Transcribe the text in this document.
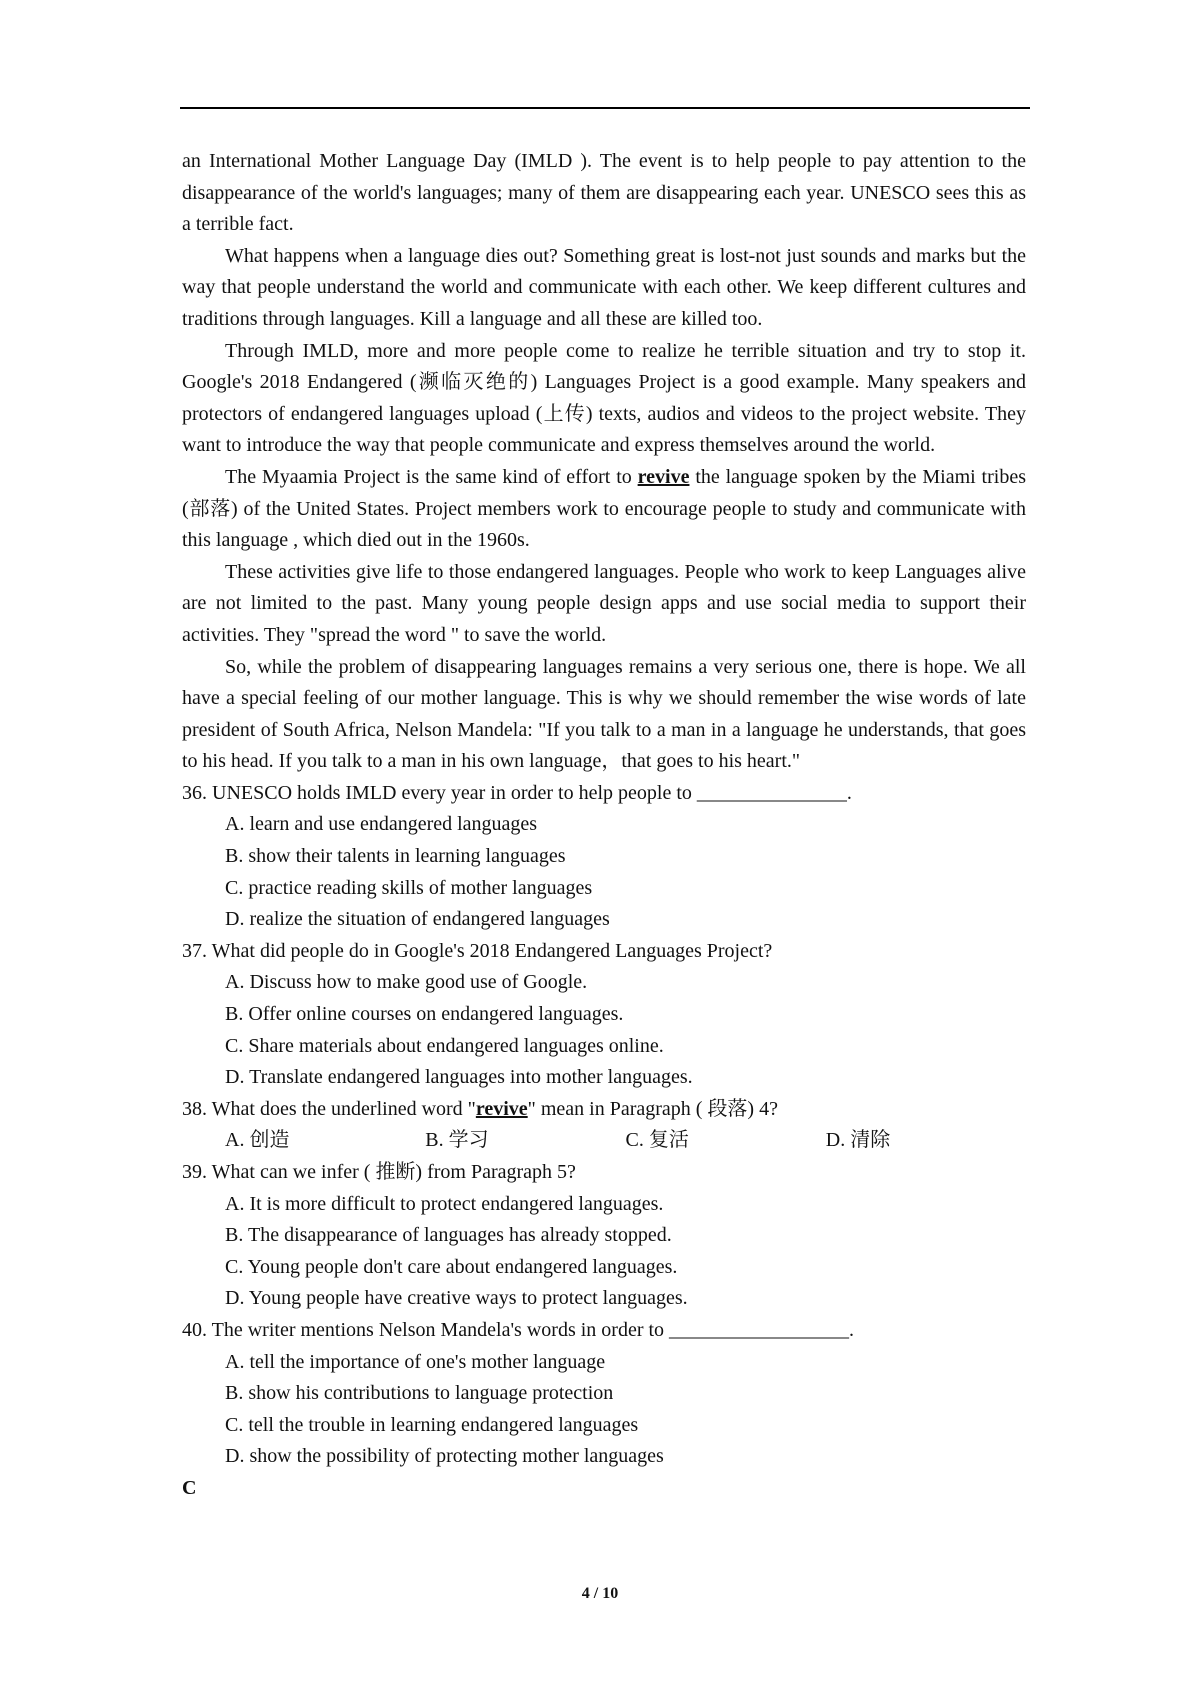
an International Mother Language Day (IMLD ). The event is to help people to pay attention to the disappearance of the world's languages; many of them are disappearing each year. UNESCO sees this as a terrible fact.

What happens when a language dies out? Something great is lost-not just sounds and marks but the way that people understand the world and communicate with each other. We keep different cultures and traditions through languages. Kill a language and all these are killed too.

Through IMLD, more and more people come to realize he terrible situation and try to stop it. Google's 2018 Endangered (濒临灭绝的) Languages Project is a good example. Many speakers and protectors of endangered languages upload (上传) texts, audios and videos to the project website. They want to introduce the way that people communicate and express themselves around the world.

The Myaamia Project is the same kind of effort to revive the language spoken by the Miami tribes (部落) of the United States. Project members work to encourage people to study and communicate with this language , which died out in the 1960s.

These activities give life to those endangered languages. People who work to keep Languages alive are not limited to the past. Many young people design apps and use social media to support their activities. They "spread the word " to save the world.

So, while the problem of disappearing languages remains a very serious one, there is hope. We all have a special feeling of our mother language. This is why we should remember the wise words of late president of South Africa, Nelson Mandela: "If you talk to a man in a language he understands, that goes to his head. If you talk to a man in his own language，that goes to his heart."

36. UNESCO holds IMLD every year in order to help people to _______________.

A. learn and use endangered languages

B. show their talents in learning languages

C. practice reading skills of mother languages

D. realize the situation of endangered languages

37. What did people do in Google's 2018 Endangered Languages Project?

A. Discuss how to make good use of Google.

B. Offer online courses on endangered languages.

C. Share materials about endangered languages online.

D. Translate endangered languages into mother languages.

38. What does the underlined word "revive" mean in Paragraph ( 段落) 4?

A. 创造	B. 学习	C. 复活	D. 清除

39. What can we infer ( 推断) from Paragraph 5?

A. It is more difficult to protect endangered languages.

B. The disappearance of languages has already stopped.

C. Young people don't care about endangered languages.

D. Young people have creative ways to protect languages.

40. The writer mentions Nelson Mandela's words in order to __________________.

A. tell the importance of one's mother language

B. show his contributions to language protection

C. tell the trouble in learning endangered languages

D. show the possibility of protecting mother languages

C

4 / 10
